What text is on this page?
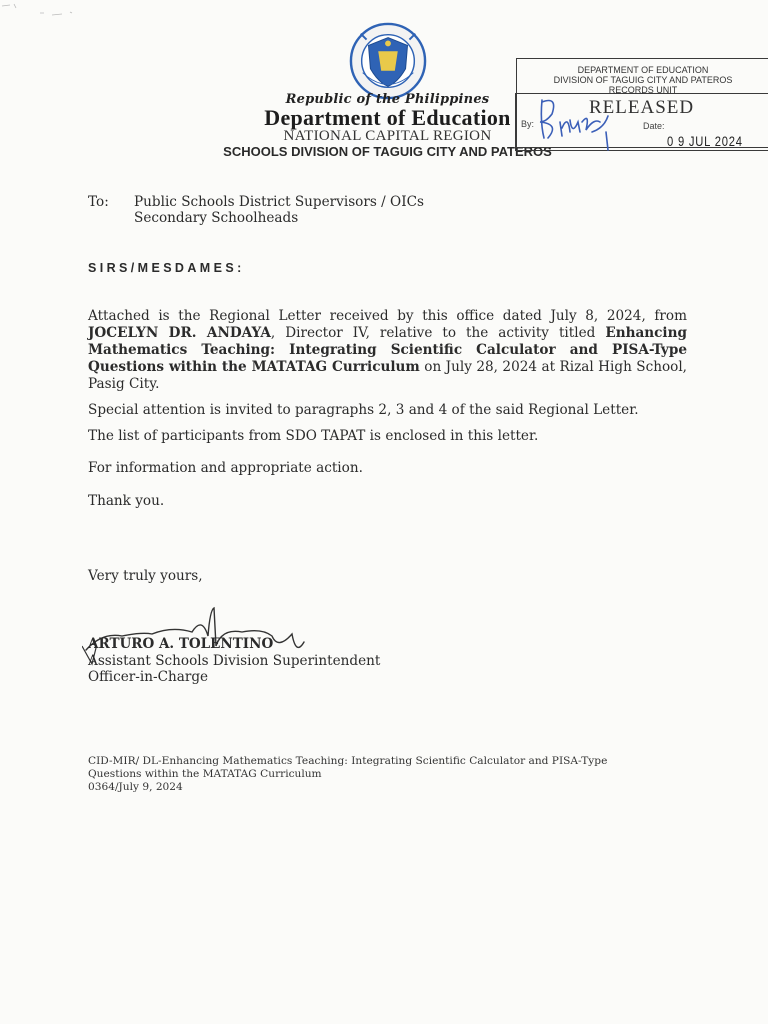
Republic of the Philippines
Department of Education
NATIONAL CAPITAL REGION
SCHOOLS DIVISION OF TAGUIG CITY AND PATEROS
DEPARTMENT OF EDUCATION
DIVISION OF TAGUIG CITY AND PATEROS
RECORDS UNIT
RELEASED
By:	Date:
0 9 JUL 2024
To: Public Schools District Supervisors / OICs
Secondary Schoolheads
SIRS/MESDAMES:
Attached is the Regional Letter received by this office dated July 8, 2024, from JOCELYN DR. ANDAYA, Director IV, relative to the activity titled Enhancing Mathematics Teaching: Integrating Scientific Calculator and PISA-Type Questions within the MATATAG Curriculum on July 28, 2024 at Rizal High School, Pasig City.
Special attention is invited to paragraphs 2, 3 and 4 of the said Regional Letter.
The list of participants from SDO TAPAT is enclosed in this letter.
For information and appropriate action.
Thank you.
Very truly yours,
ARTURO A. TOLENTINO
Assistant Schools Division Superintendent
Officer-in-Charge
CID-MIR/ DL-Enhancing Mathematics Teaching: Integrating Scientific Calculator and PISA-Type
Questions within the MATATAG Curriculum
0364/July 9, 2024
